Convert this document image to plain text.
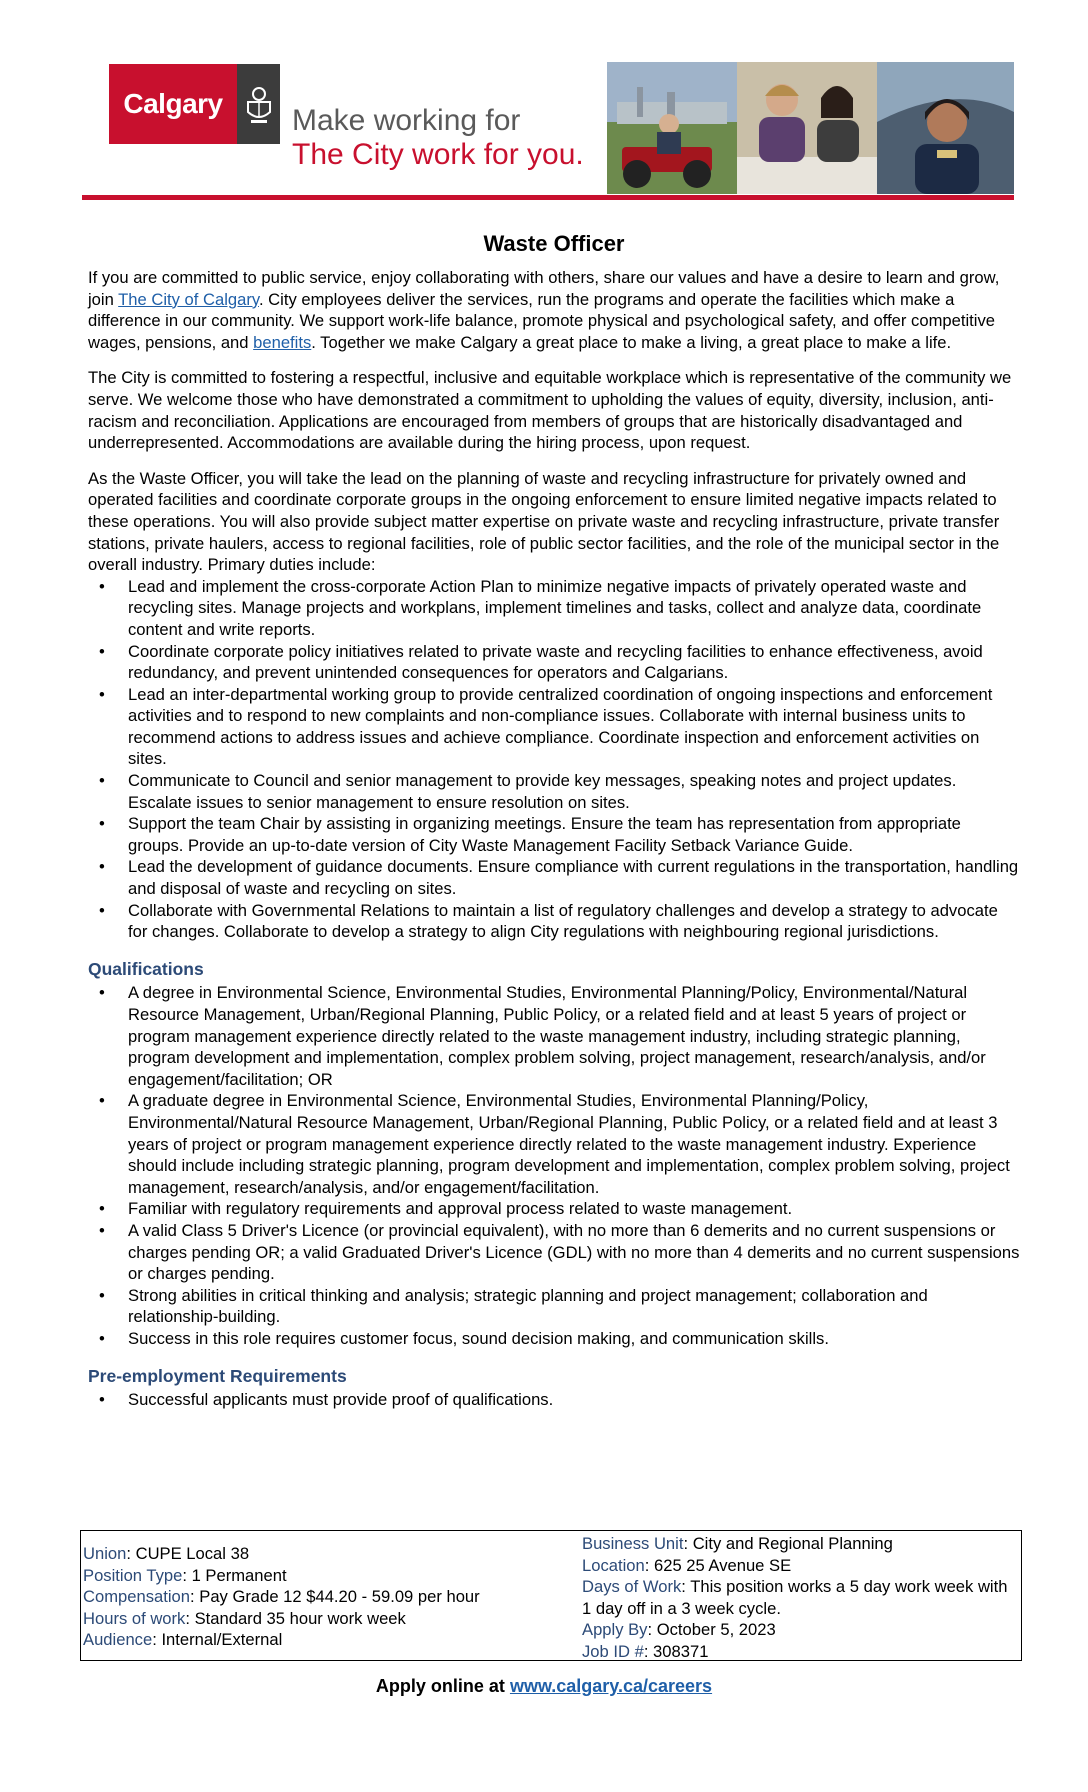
Calgary
Make working for
The City work for you.
Waste Officer

If you are committed to public service, enjoy collaborating with others, share our values and have a desire to learn and grow, join The City of Calgary. City employees deliver the services, run the programs and operate the facilities which make a difference in our community. We support work-life balance, promote physical and psychological safety, and offer competitive wages, pensions, and benefits. Together we make Calgary a great place to make a living, a great place to make a life.

The City is committed to fostering a respectful, inclusive and equitable workplace which is representative of the community we serve. We welcome those who have demonstrated a commitment to upholding the values of equity, diversity, inclusion, anti-racism and reconciliation. Applications are encouraged from members of groups that are historically disadvantaged and underrepresented. Accommodations are available during the hiring process, upon request.

As the Waste Officer, you will take the lead on the planning of waste and recycling infrastructure for privately owned and operated facilities and coordinate corporate groups in the ongoing enforcement to ensure limited negative impacts related to these operations. You will also provide subject matter expertise on private waste and recycling infrastructure, private transfer stations, private haulers, access to regional facilities, role of public sector facilities, and the role of the municipal sector in the overall industry. Primary duties include:

• Lead and implement the cross-corporate Action Plan to minimize negative impacts of privately operated waste and recycling sites. Manage projects and workplans, implement timelines and tasks, collect and analyze data, coordinate content and write reports.
• Coordinate corporate policy initiatives related to private waste and recycling facilities to enhance effectiveness, avoid redundancy, and prevent unintended consequences for operators and Calgarians.
• Lead an inter-departmental working group to provide centralized coordination of ongoing inspections and enforcement activities and to respond to new complaints and non-compliance issues. Collaborate with internal business units to recommend actions to address issues and achieve compliance. Coordinate inspection and enforcement activities on sites.
• Communicate to Council and senior management to provide key messages, speaking notes and project updates. Escalate issues to senior management to ensure resolution on sites.
• Support the team Chair by assisting in organizing meetings. Ensure the team has representation from appropriate groups. Provide an up-to-date version of City Waste Management Facility Setback Variance Guide.
• Lead the development of guidance documents. Ensure compliance with current regulations in the transportation, handling and disposal of waste and recycling on sites.
• Collaborate with Governmental Relations to maintain a list of regulatory challenges and develop a strategy to advocate for changes. Collaborate to develop a strategy to align City regulations with neighbouring regional jurisdictions.
Qualifications
• A degree in Environmental Science, Environmental Studies, Environmental Planning/Policy, Environmental/Natural Resource Management, Urban/Regional Planning, Public Policy, or a related field and at least 5 years of project or program management experience directly related to the waste management industry, including strategic planning, program development and implementation, complex problem solving, project management, research/analysis, and/or engagement/facilitation; OR
• A graduate degree in Environmental Science, Environmental Studies, Environmental Planning/Policy, Environmental/Natural Resource Management, Urban/Regional Planning, Public Policy, or a related field and at least 3 years of project or program management experience directly related to the waste management industry. Experience should include including strategic planning, program development and implementation, complex problem solving, project management, research/analysis, and/or engagement/facilitation.
• Familiar with regulatory requirements and approval process related to waste management.
• A valid Class 5 Driver's Licence (or provincial equivalent), with no more than 6 demerits and no current suspensions or charges pending OR; a valid Graduated Driver's Licence (GDL) with no more than 4 demerits and no current suspensions or charges pending.
• Strong abilities in critical thinking and analysis; strategic planning and project management; collaboration and relationship-building.
• Success in this role requires customer focus, sound decision making, and communication skills.
Pre-employment Requirements
• Successful applicants must provide proof of qualifications.
Union: CUPE Local 38
Position Type: 1 Permanent
Compensation: Pay Grade 12 $44.20 - 59.09 per hour
Hours of work: Standard 35 hour work week
Audience: Internal/External
Business Unit: City and Regional Planning
Location: 625 25 Avenue SE
Days of Work: This position works a 5 day work week with 1 day off in a 3 week cycle.
Apply By: October 5, 2023
Job ID #: 308371
Apply online at www.calgary.ca/careers
